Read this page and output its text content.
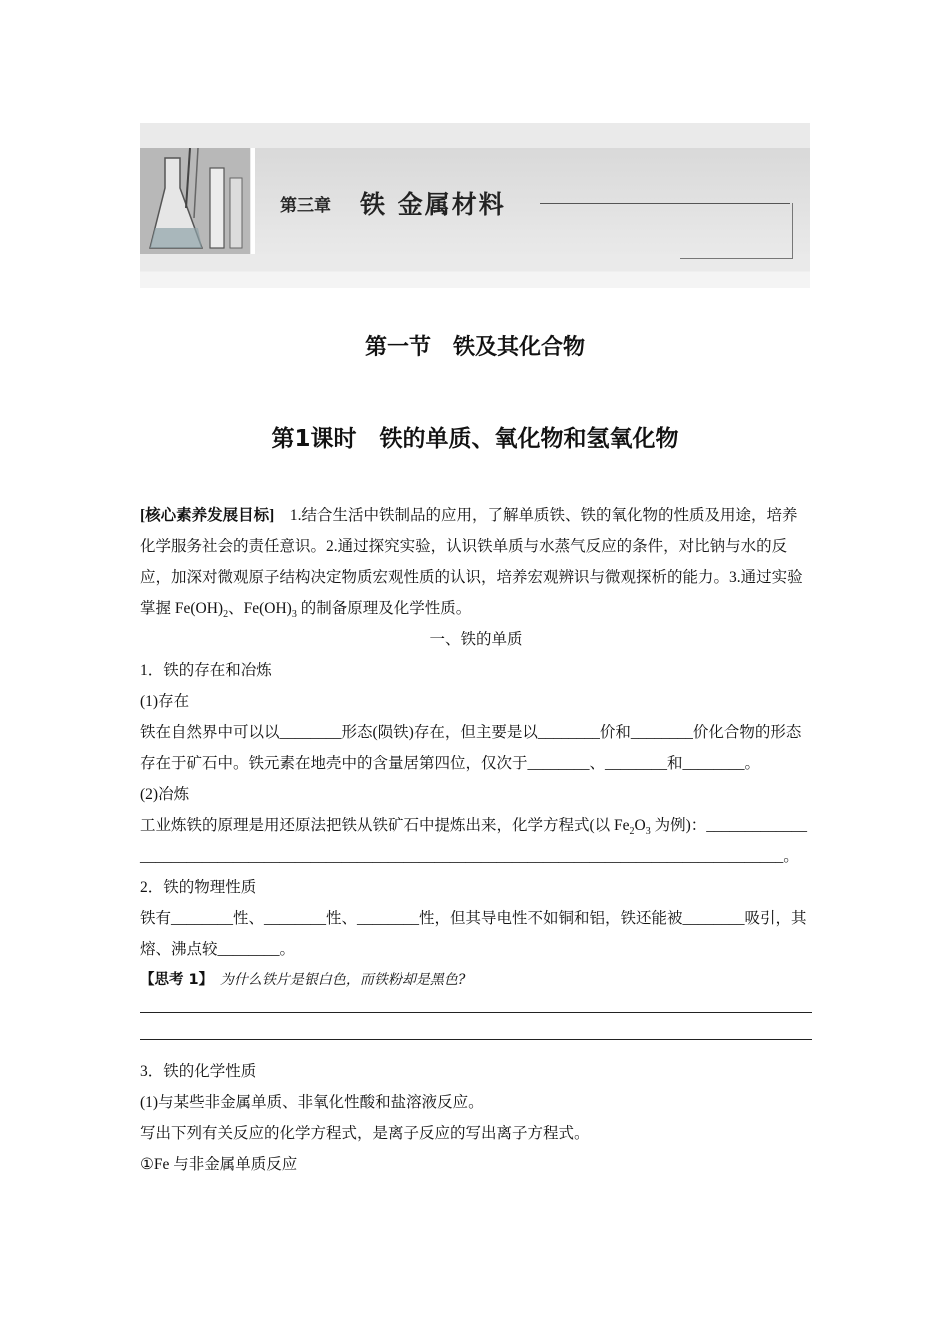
第三章 铁 金属材料
第一节　铁及其化合物
第1课时　铁的单质、氧化物和氢氧化物

[核心素养发展目标]　1.结合生活中铁制品的应用，了解单质铁、铁的氧化物的性质及用途，培养化学服务社会的责任意识。2.通过探究实验，认识铁单质与水蒸气反应的条件，对比钠与水的反应，加深对微观原子结构决定物质宏观性质的认识，培养宏观辨识与微观探析的能力。3.通过实验掌握 $Fe(OH)_2$、$Fe(OH)_3$ 的制备原理及化学性质。

一、铁的单质

1．铁的存在和冶炼

(1)存在

铁在自然界中可以以________形态(陨铁)存在，但主要是以________价和________价化合物的形态存在于矿石中。铁元素在地壳中的含量居第四位，仅次于________、________和________。

(2)冶炼

工业炼铁的原理是用还原法把铁从铁矿石中提炼出来，化学方程式(以 $Fe_2O_3$ 为例)：________________________________________________________________________________________________。

2．铁的物理性质

铁有________性、________性、________性，但其导电性不如铜和铝，铁还能被________吸引，其熔、沸点较________。

【思考 1】　为什么铁片是银白色，而铁粉却是黑色?

3．铁的化学性质

(1)与某些非金属单质、非氧化性酸和盐溶液反应。

写出下列有关反应的化学方程式，是离子反应的写出离子方程式。

①Fe 与非金属单质反应
